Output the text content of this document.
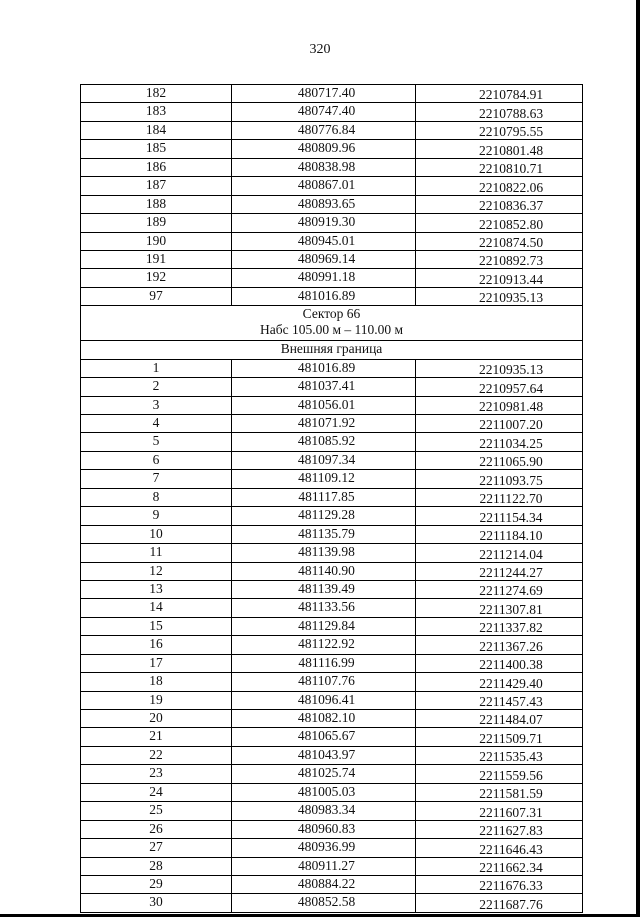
320
182	480717.40	2210784.91
183	480747.40	2210788.63
184	480776.84	2210795.55
185	480809.96	2210801.48
186	480838.98	2210810.71
187	480867.01	2210822.06
188	480893.65	2210836.37
189	480919.30	2210852.80
190	480945.01	2210874.50
191	480969.14	2210892.73
192	480991.18	2210913.44
97	481016.89	2210935.13

Сектор 66
Набс 105.00 м – 110.00 м		

Внешняя граница		
1	481016.89	2210935.13
2	481037.41	2210957.64
3	481056.01	2210981.48
4	481071.92	2211007.20
5	481085.92	2211034.25
6	481097.34	2211065.90
7	481109.12	2211093.75
8	481117.85	2211122.70
9	481129.28	2211154.34
10	481135.79	2211184.10
11	481139.98	2211214.04
12	481140.90	2211244.27
13	481139.49	2211274.69
14	481133.56	2211307.81
15	481129.84	2211337.82
16	481122.92	2211367.26
17	481116.99	2211400.38
18	481107.76	2211429.40
19	481096.41	2211457.43
20	481082.10	2211484.07
21	481065.67	2211509.71
22	481043.97	2211535.43
23	481025.74	2211559.56
24	481005.03	2211581.59
25	480983.34	2211607.31
26	480960.83	2211627.83
27	480936.99	2211646.43
28	480911.27	2211662.34
29	480884.22	2211676.33
30	480852.58	2211687.76
